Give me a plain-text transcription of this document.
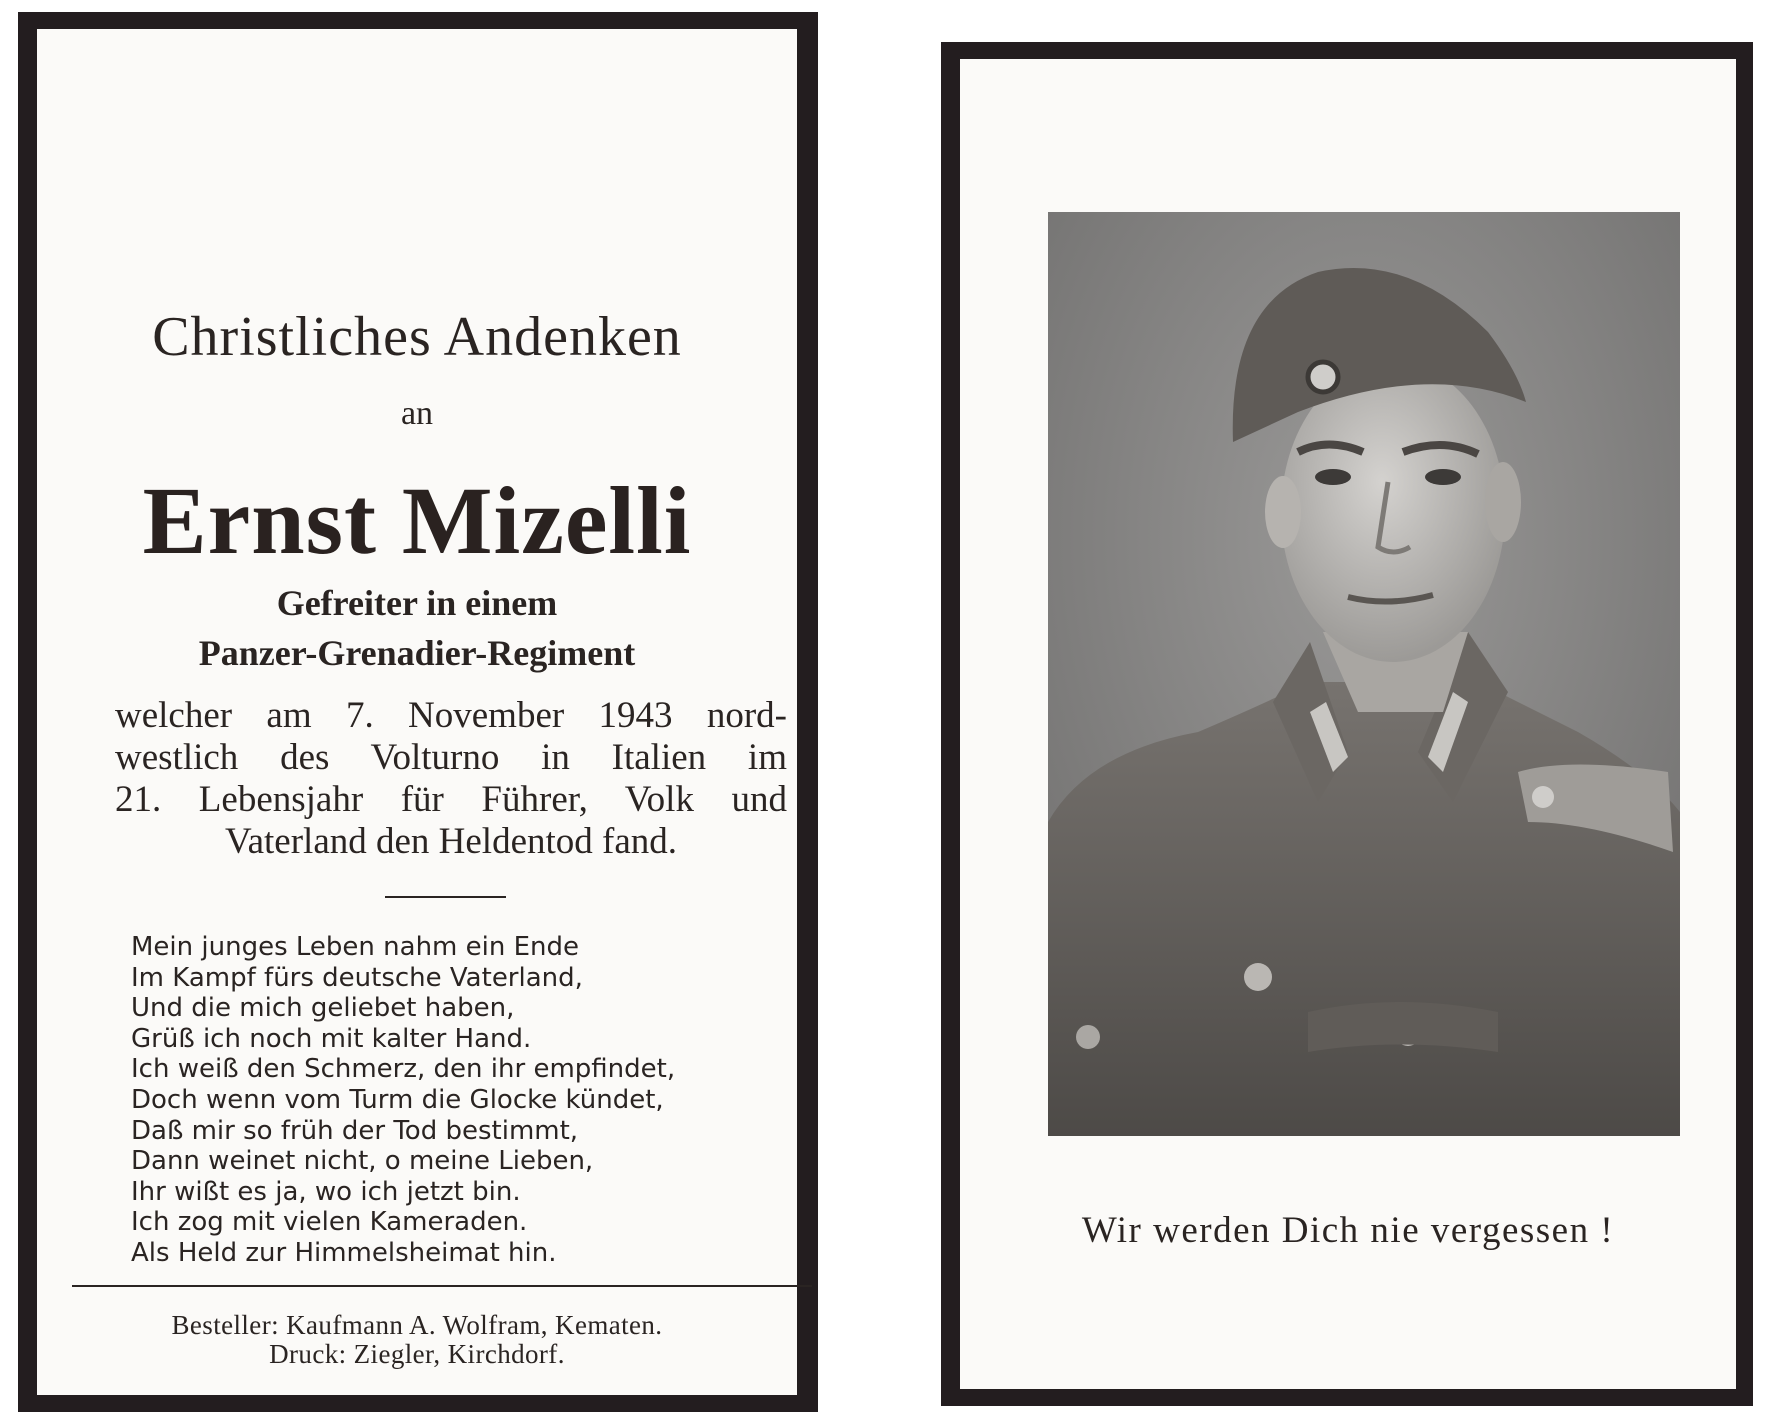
Christliches Andenken
an
Ernst Mizelli
Gefreiter in einem
Panzer-Grenadier-Regiment
welcher am 7. November 1943 nord-
westlich des Volturno in Italien im
21. Lebensjahr für Führer, Volk und
Vaterland den Heldentod fand.
Mein junges Leben nahm ein Ende
Im Kampf fürs deutsche Vaterland,
Und die mich geliebet haben,
Grüß ich noch mit kalter Hand.
Ich weiß den Schmerz, den ihr empfindet,
Doch wenn vom Turm die Glocke kündet,
Daß mir so früh der Tod bestimmt,
Dann weinet nicht, o meine Lieben,
Ihr wißt es ja, wo ich jetzt bin.
Ich zog mit vielen Kameraden.
Als Held zur Himmelsheimat hin.
Besteller: Kaufmann A. Wolfram, Kematen.
Druck: Ziegler, Kirchdorf.
Wir werden Dich nie vergessen !
